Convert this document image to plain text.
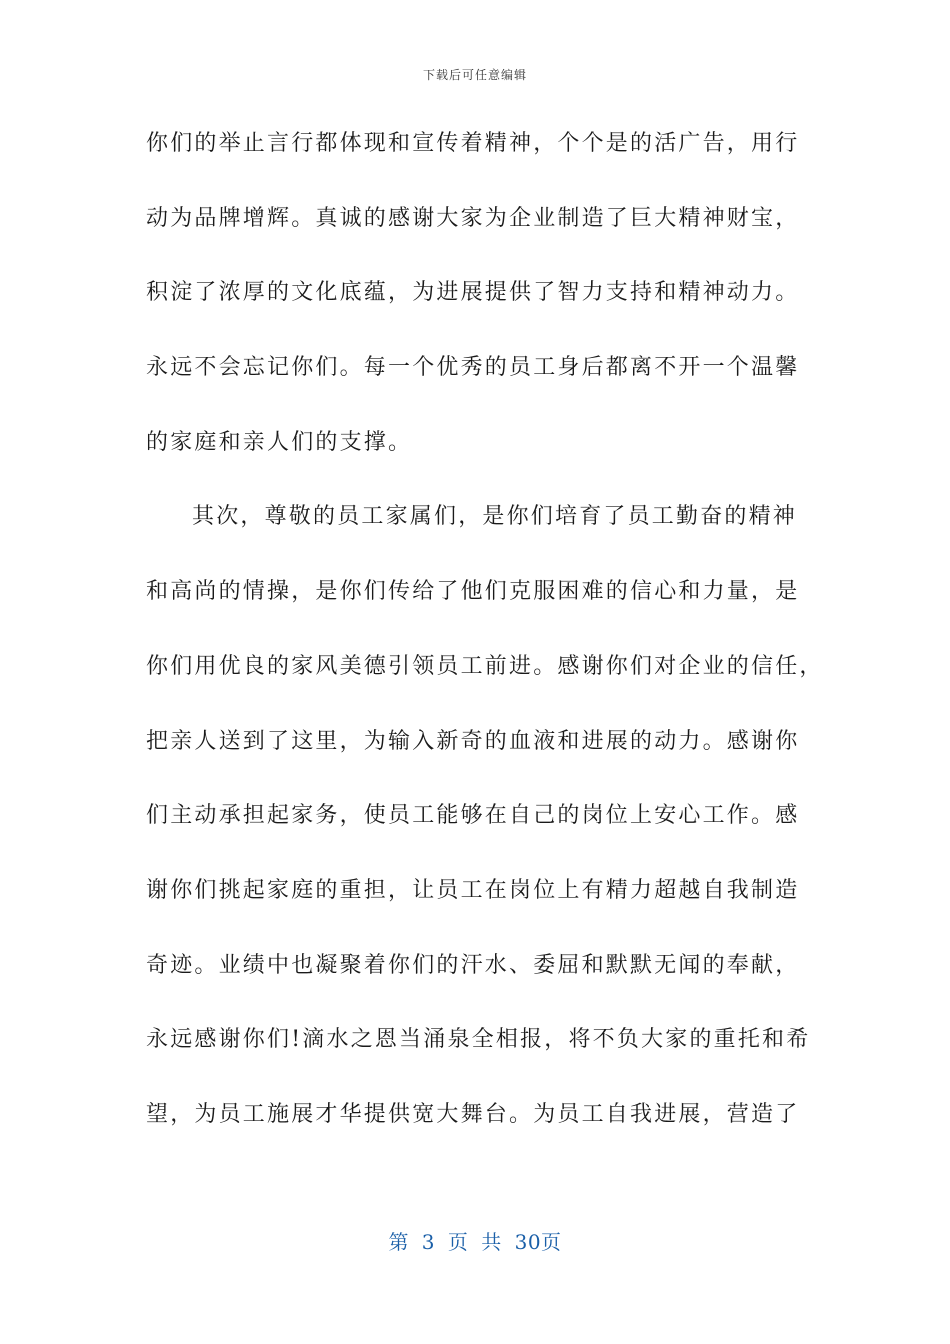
下载后可任意编辑
你们的举止言行都体现和宣传着精神，个个是的活广告，用行
动为品牌增辉。真诚的感谢大家为企业制造了巨大精神财宝，
积淀了浓厚的文化底蕴，为进展提供了智力支持和精神动力。
永远不会忘记你们。每一个优秀的员工身后都离不开一个温馨
的家庭和亲人们的支撑。
其次，尊敬的员工家属们，是你们培育了员工勤奋的精神
和高尚的情操，是你们传给了他们克服困难的信心和力量，是
你们用优良的家风美德引领员工前进。感谢你们对企业的信任，
把亲人送到了这里，为输入新奇的血液和进展的动力。感谢你
们主动承担起家务，使员工能够在自己的岗位上安心工作。感
谢你们挑起家庭的重担，让员工在岗位上有精力超越自我制造
奇迹。业绩中也凝聚着你们的汗水、委屈和默默无闻的奉献，
永远感谢你们!滴水之恩当涌泉全相报，将不负大家的重托和希
望，为员工施展才华提供宽大舞台。为员工自我进展，营造了
第 3 页 共 30页
